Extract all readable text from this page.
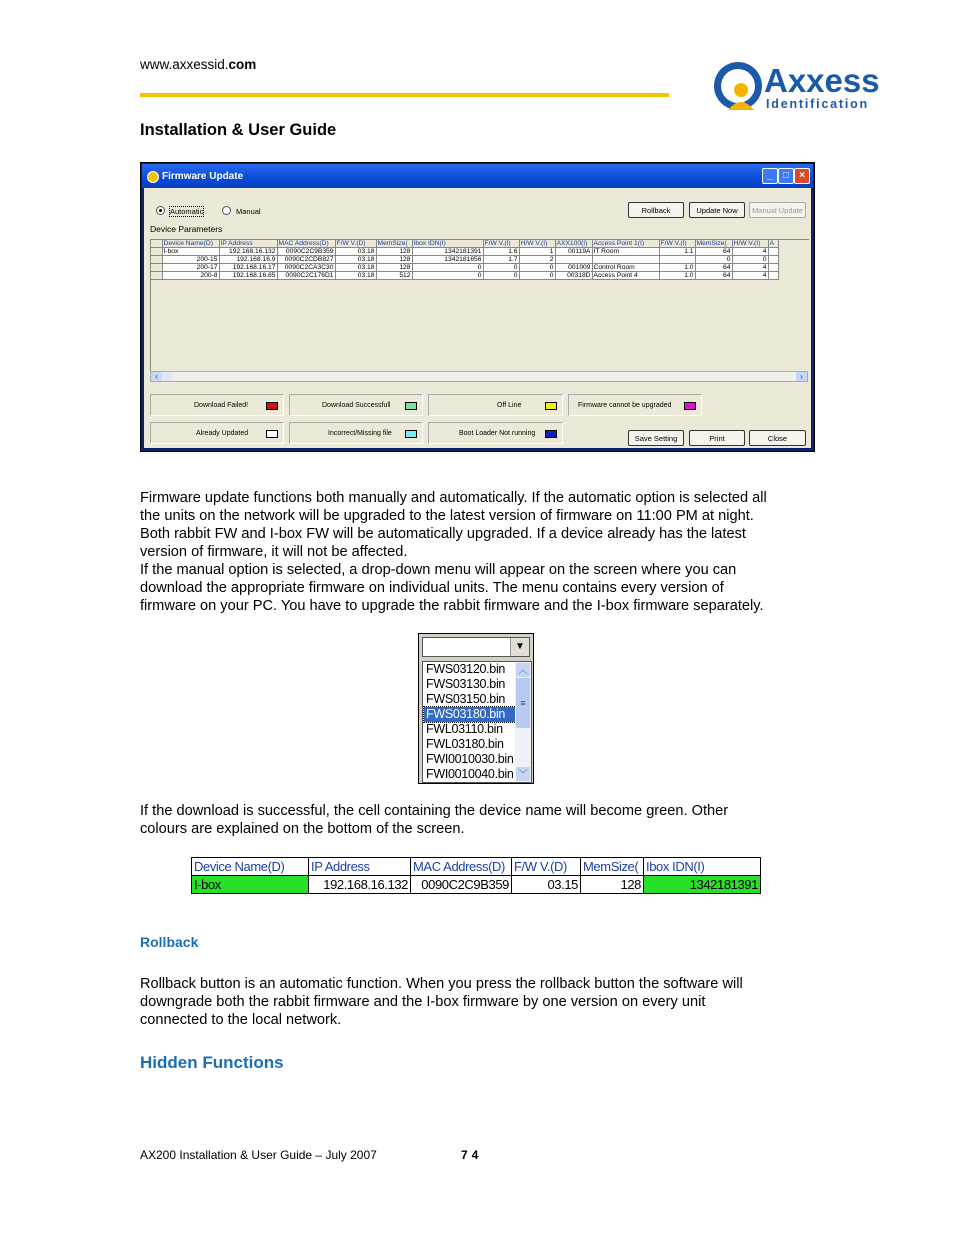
www.axxessid.com	Axxess
Identification
Installation & User Guide
Firmware Update	_	□	×
Automatic	Manual	Rollback	Update Now	Manual Update
Device Parameters
	Device Name(D)	IP Address	MAC Address(D)	F/W V.(D)	MemSize(	Ibox IDN(I)	F/W V.(I)	H/W V.(I)	AXX100(I)	Access Point 1(I)	F/W V.(I)	MemSize(	H/W V.(I)	A
	I-box	192.168.16.132	0090C2C9B359	03.18	128	1342181391	1.6	1	00119A	IT Room	1.1	64	4	
	200-15	192.168.16.9	0090C2CDB827	03.18	128	1342181656	1.7	2				0	0	
	200-17	192.168.16.17	0090C2CA3C30	03.18	128	0	0	0	001009	Control Room	1.0	64	4	
	200-8	192.168.16.85	0090C2C176D1	03.18	512	0	0	0	00318D	Access Point 4	1.0	64	4	
‹	›
Download Failed!	Download Successfull	Off Line	Firmware cannot be upgraded
Already Updated	Incorrect/Missing file	Boot Loader Not running
Save Setting	Print	Close

Firmware update functions both manually and automatically. If the automatic option is selected all

the units on the network will be upgraded to the latest version of firmware on 11:00 PM at night.

Both rabbit FW and I-box FW will be automatically upgraded. If a device already has the latest

version of firmware, it will not be affected.

If the manual option is selected, a drop-down menu will appear on the screen where you can

download the appropriate firmware on individual units. The menu contains every version of

firmware on your PC. You have to upgrade the rabbit firmware and the I-box firmware separately.

▼
FWS03120.bin
FWS03130.bin
FWS03150.bin
FWS03180.bin
FWL03110.bin
FWL03180.bin
FWI0010030.bin
FWI0010040.bin
︿
≡
﹀

If the download is successful, the cell containing the device name will become green. Other

colours are explained on the bottom of the screen.

Device Name(D)	IP Address	MAC Address(D)	F/W V.(D)	MemSize(	Ibox IDN(I)
I-box	192.168.16.132	0090C2C9B359	03.15	128	1342181391
Rollback

Rollback button is an automatic function. When you press the rollback button the software will

downgrade both the rabbit firmware and the I-box firmware by one version on every unit

connected to the local network.

Hidden Functions
AX200 Installation & User Guide – July 2007	74
